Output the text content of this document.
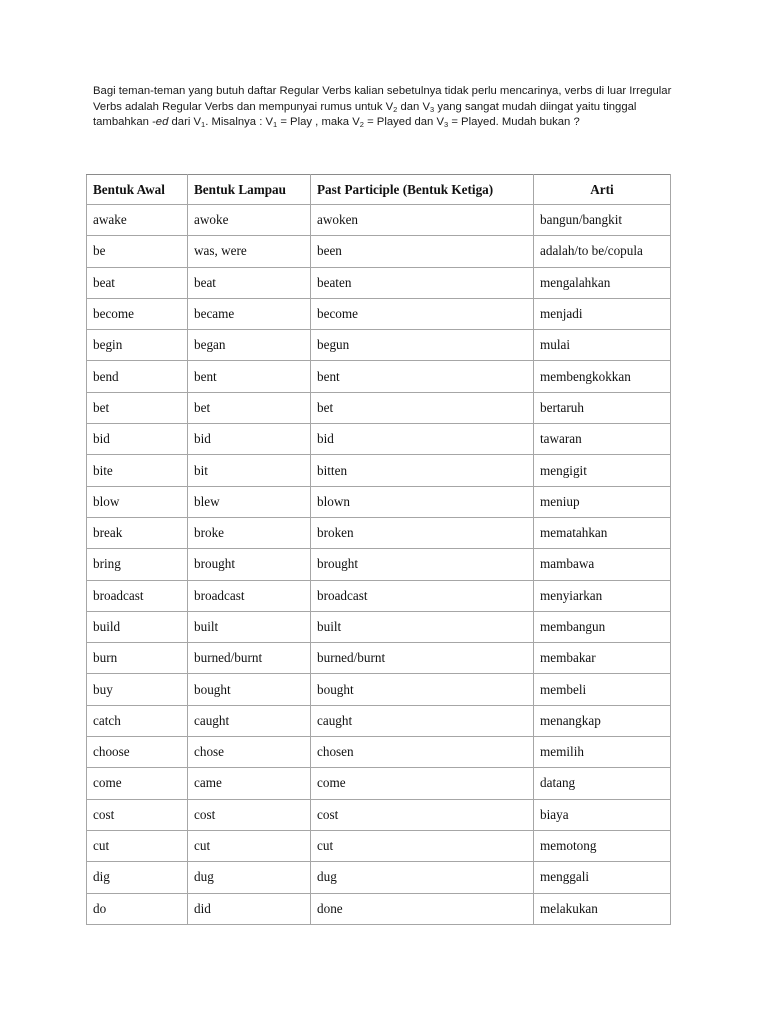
Bagi teman-teman yang butuh daftar Regular Verbs kalian sebetulnya tidak perlu mencarinya, verbs di luar Irregular Verbs adalah Regular Verbs dan mempunyai rumus untuk $V_2$ dan $V_3$ yang sangat mudah diingat yaitu tinggal tambahkan -ed dari $V_1$. Misalnya : $V_1$ = Play , maka $V_2$ = Played dan $V_3$ = Played. Mudah bukan ?

Bentuk Awal	Bentuk Lampau	Past Participle (Bentuk Ketiga)	Arti
awake	awoke	awoken	bangun/bangkit
be	was, were	been	adalah/to be/copula
beat	beat	beaten	mengalahkan
become	became	become	menjadi
begin	began	begun	mulai
bend	bent	bent	membengkokkan
bet	bet	bet	bertaruh
bid	bid	bid	tawaran
bite	bit	bitten	mengigit
blow	blew	blown	meniup
break	broke	broken	mematahkan
bring	brought	brought	mambawa
broadcast	broadcast	broadcast	menyiarkan
build	built	built	membangun
burn	burned/burnt	burned/burnt	membakar
buy	bought	bought	membeli
catch	caught	caught	menangkap
choose	chose	chosen	memilih
come	came	come	datang
cost	cost	cost	biaya
cut	cut	cut	memotong
dig	dug	dug	menggali
do	did	done	melakukan
